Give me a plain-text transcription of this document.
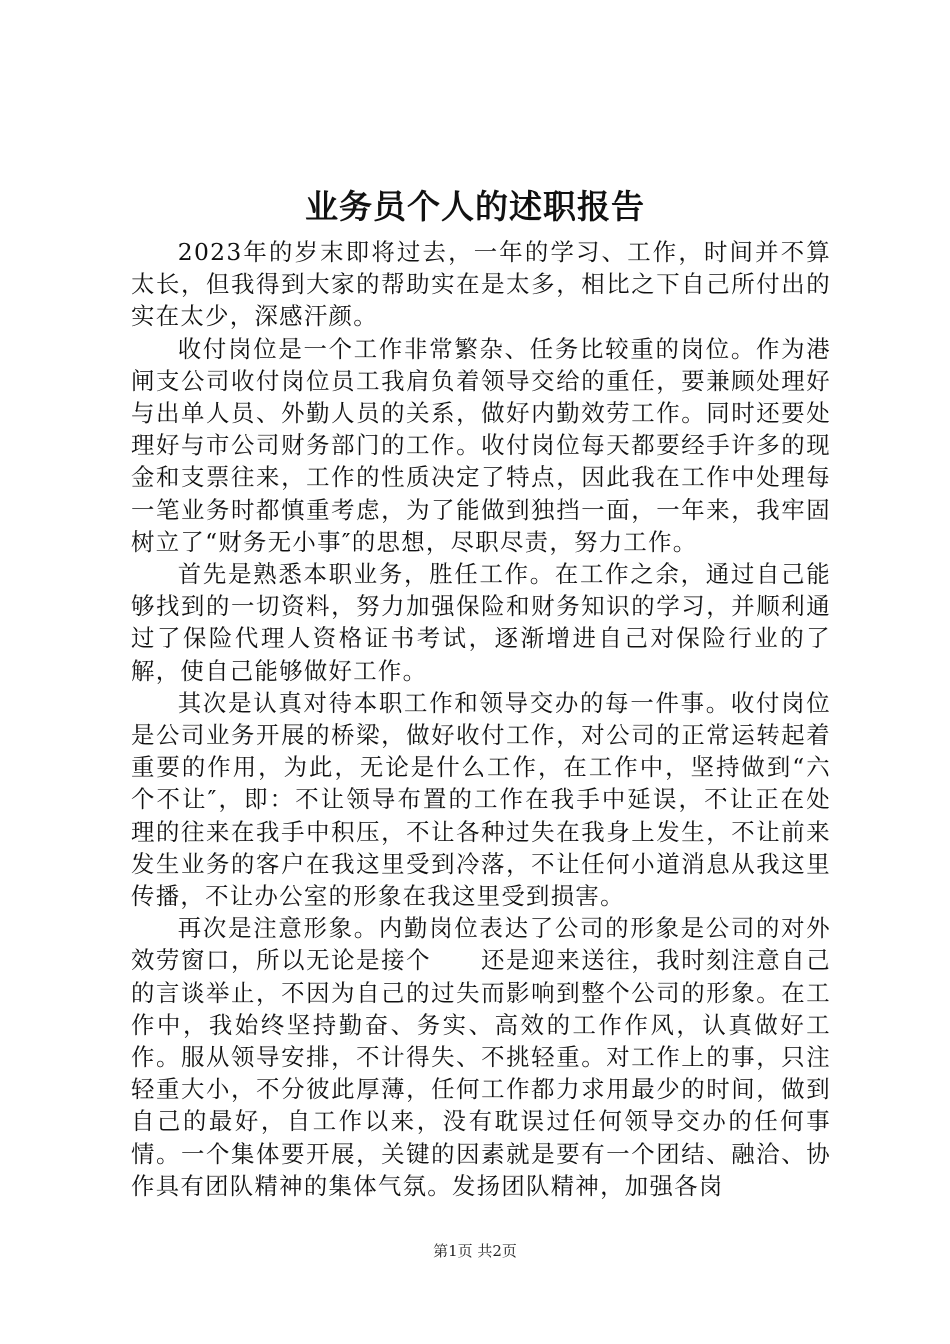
业务员个人的述职报告

2023年的岁末即将过去，一年的学习、工作，时间并不算太长，但我得到大家的帮助实在是太多，相比之下自己所付出的实在太少，深感汗颜。

收付岗位是一个工作非常繁杂、任务比较重的岗位。作为港闸支公司收付岗位员工我肩负着领导交给的重任，要兼顾处理好与出单人员、外勤人员的关系，做好内勤效劳工作。同时还要处理好与市公司财务部门的工作。收付岗位每天都要经手许多的现金和支票往来，工作的性质决定了特点，因此我在工作中处理每一笔业务时都慎重考虑，为了能做到独挡一面，一年来，我牢固树立了“财务无小事″的思想，尽职尽责，努力工作。

首先是熟悉本职业务，胜任工作。在工作之余，通过自己能够找到的一切资料，努力加强保险和财务知识的学习，并顺利通过了保险代理人资格证书考试，逐渐增进自己对保险行业的了解，使自己能够做好工作。

其次是认真对待本职工作和领导交办的每一件事。收付岗位是公司业务开展的桥梁，做好收付工作，对公司的正常运转起着重要的作用，为此，无论是什么工作，在工作中，坚持做到“六个不让″，即：不让领导布置的工作在我手中延误，不让正在处理的往来在我手中积压，不让各种过失在我身上发生，不让前来发生业务的客户在我这里受到冷落，不让任何小道消息从我这里传播，不让办公室的形象在我这里受到损害。

再次是注意形象。内勤岗位表达了公司的形象是公司的对外效劳窗口，所以无论是接个　　还是迎来送往，我时刻注意自己的言谈举止，不因为自己的过失而影响到整个公司的形象。在工作中，我始终坚持勤奋、务实、高效的工作作风，认真做好工作。服从领导安排，不计得失、不挑轻重。对工作上的事，只注轻重大小，不分彼此厚薄，任何工作都力求用最少的时间，做到自己的最好，自工作以来，没有耽误过任何领导交办的任何事情。一个集体要开展，关键的因素就是要有一个团结、融洽、协作具有团队精神的集体气氛。发扬团队精神，加强各岗

第1页 共2页
